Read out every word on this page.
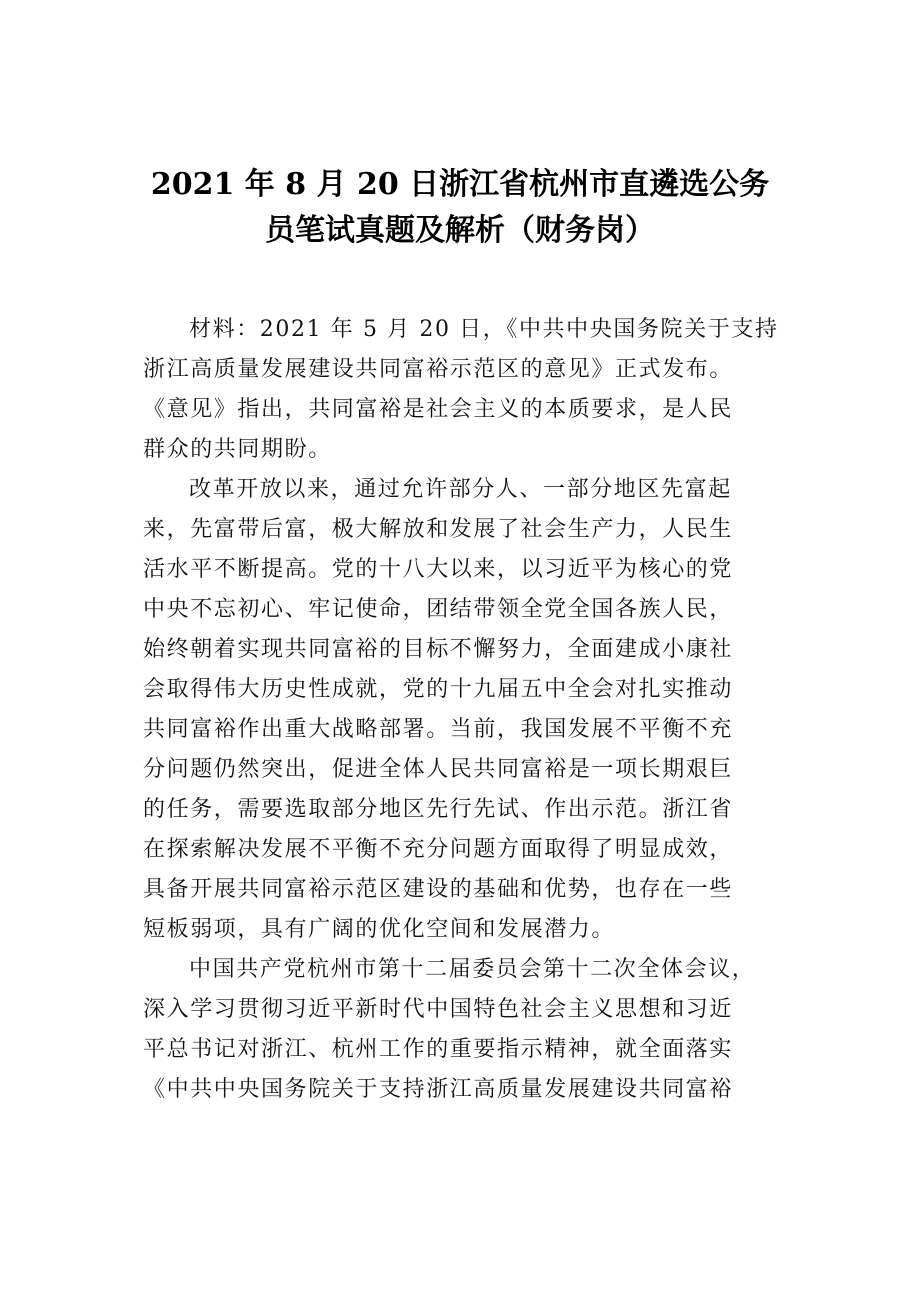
2021 年 8 月 20 日浙江省杭州市直遴选公务
员笔试真题及解析（财务岗）

材料：2021 年 5 月 20 日，《中共中央国务院关于支持
浙江高质量发展建设共同富裕示范区的意见》正式发布。
《意见》指出，共同富裕是社会主义的本质要求，是人民
群众的共同期盼。

改革开放以来，通过允许部分人、一部分地区先富起
来，先富带后富，极大解放和发展了社会生产力，人民生
活水平不断提高。党的十八大以来，以习近平为核心的党
中央不忘初心、牢记使命，团结带领全党全国各族人民，
始终朝着实现共同富裕的目标不懈努力，全面建成小康社
会取得伟大历史性成就，党的十九届五中全会对扎实推动
共同富裕作出重大战略部署。当前，我国发展不平衡不充
分问题仍然突出，促进全体人民共同富裕是一项长期艰巨
的任务，需要选取部分地区先行先试、作出示范。浙江省
在探索解决发展不平衡不充分问题方面取得了明显成效，
具备开展共同富裕示范区建设的基础和优势，也存在一些
短板弱项，具有广阔的优化空间和发展潜力。

中国共产党杭州市第十二届委员会第十二次全体会议，
深入学习贯彻习近平新时代中国特色社会主义思想和习近
平总书记对浙江、杭州工作的重要指示精神，就全面落实
《中共中央国务院关于支持浙江高质量发展建设共同富裕
